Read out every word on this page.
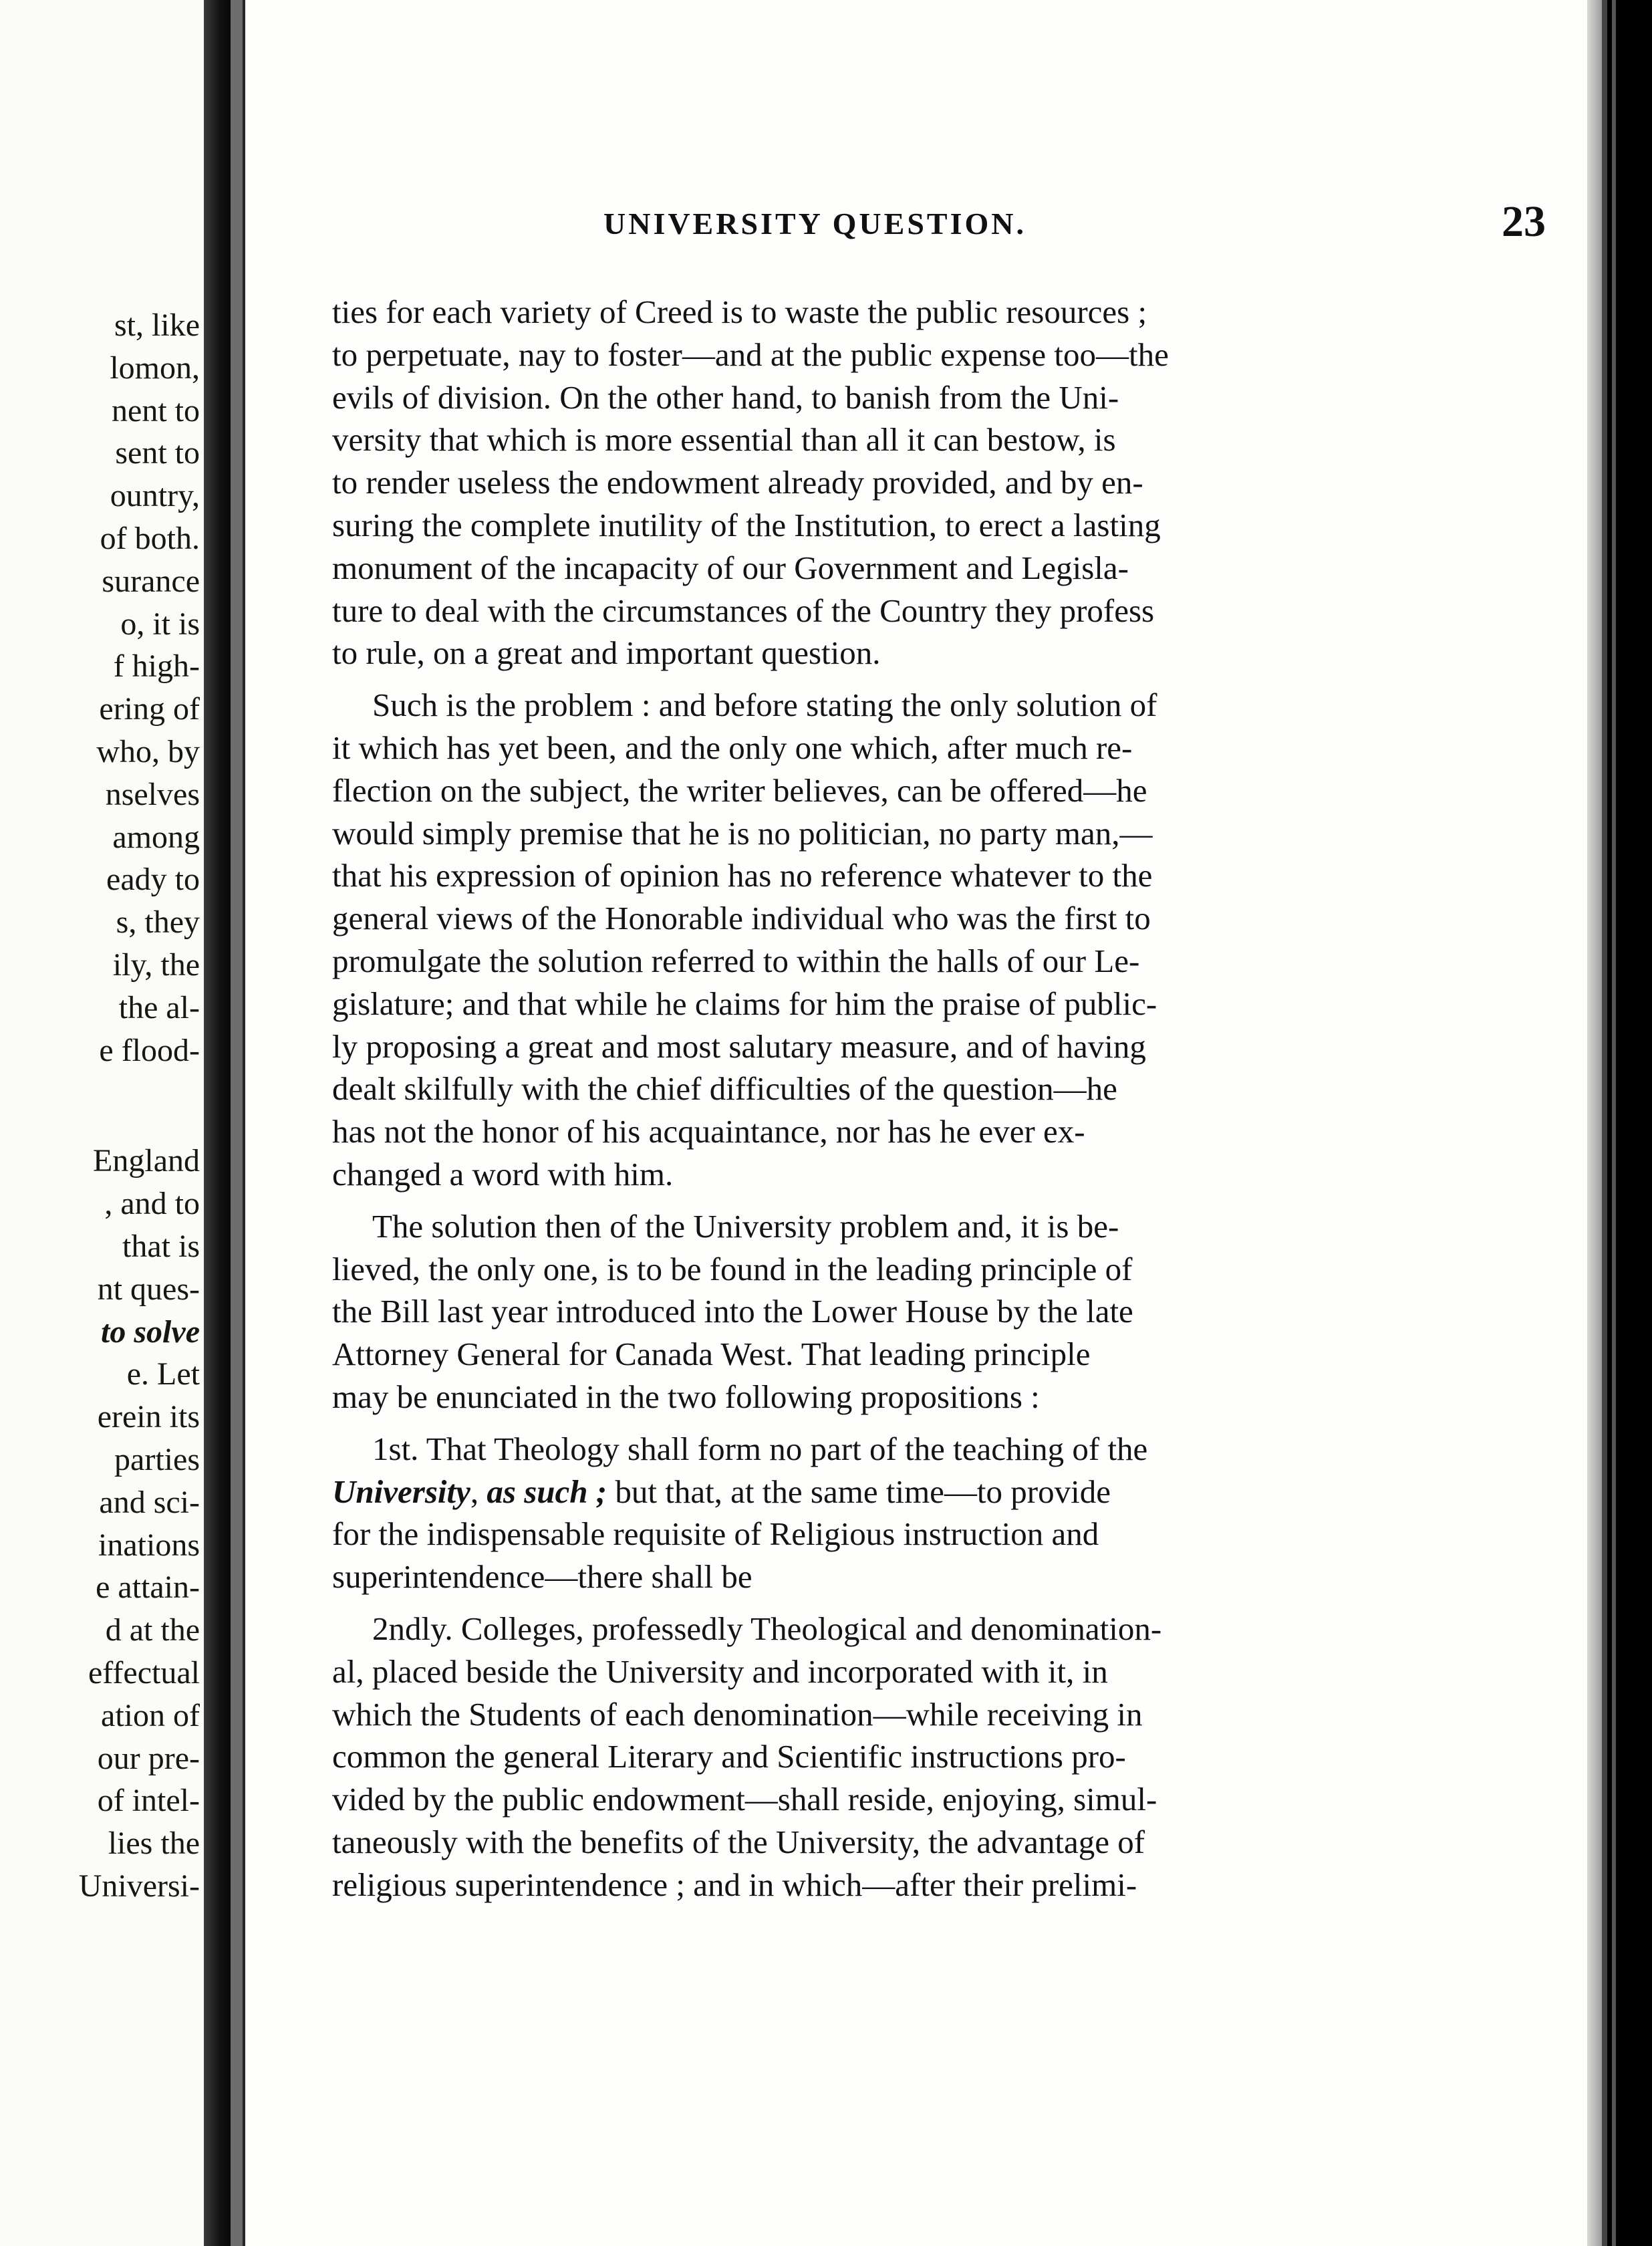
st, like
lomon,
nent to
sent to
ountry,
of both.
surance
o, it is
f high-
ering of
who, by
nselves
among
eady to
s, they
ily, the
the al-
e flood-
England
, and to
that is
nt ques-
to solve
e. Let
erein its
parties
and sci-
inations
e attain-
d at the
effectual
ation of
our pre-
of intel-
lies the
Universi-
UNIVERSITY QUESTION.	23

ties for each variety of Creed is to waste the public resources ;
to perpetuate, nay to foster—and at the public expense too—the
evils of division. On the other hand, to banish from the Uni-
versity that which is more essential than all it can bestow, is
to render useless the endowment already provided, and by en-
suring the complete inutility of the Institution, to erect a lasting
monument of the incapacity of our Government and Legisla-
ture to deal with the circumstances of the Country they profess
to rule, on a great and important question.

Such is the problem : and before stating the only solution of
it which has yet been, and the only one which, after much re-
flection on the subject, the writer believes, can be offered—he
would simply premise that he is no politician, no party man,—
that his expression of opinion has no reference whatever to the
general views of the Honorable individual who was the first to
promulgate the solution referred to within the halls of our Le-
gislature; and that while he claims for him the praise of public-
ly proposing a great and most salutary measure, and of having
dealt skilfully with the chief difficulties of the question—he
has not the honor of his acquaintance, nor has he ever ex-
changed a word with him.

The solution then of the University problem and, it is be-
lieved, the only one, is to be found in the leading principle of
the Bill last year introduced into the Lower House by the late
Attorney General for Canada West. That leading principle
may be enunciated in the two following propositions :

1st. That Theology shall form no part of the teaching of the
University, as such ; but that, at the same time—to provide
for the indispensable requisite of Religious instruction and
superintendence—there shall be

2ndly. Colleges, professedly Theological and denomination-
al, placed beside the University and incorporated with it, in
which the Students of each denomination—while receiving in
common the general Literary and Scientific instructions pro-
vided by the public endowment—shall reside, enjoying, simul-
taneously with the benefits of the University, the advantage of
religious superintendence ; and in which—after their prelimi-
